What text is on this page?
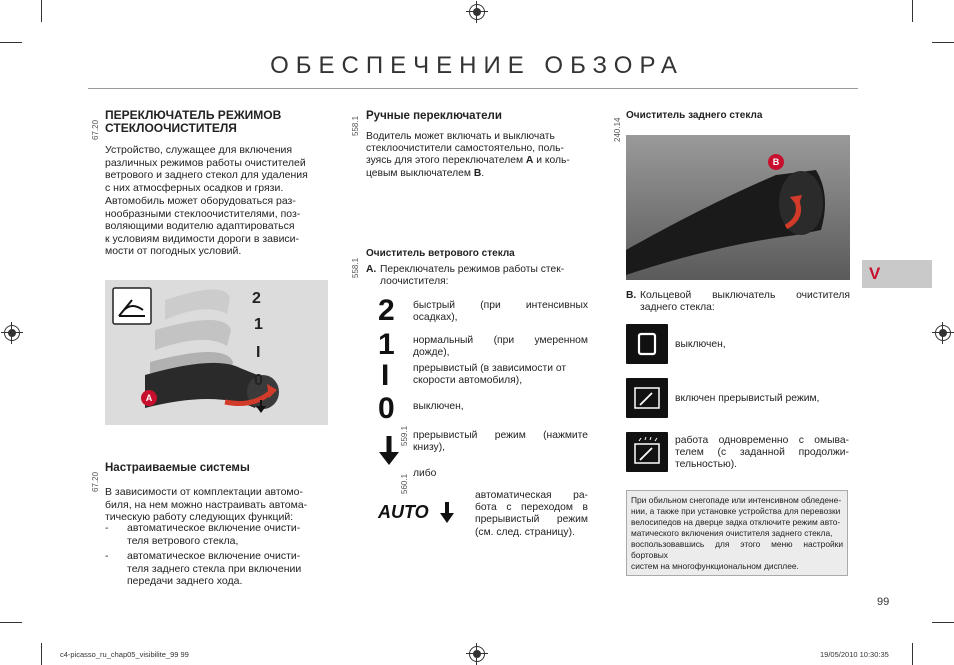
ОБЕСПЕЧЕНИЕ ОБЗОРА
67.20
ПЕРЕКЛЮЧАТЕЛЬ РЕЖИМОВ
СТЕКЛООЧИСТИТЕЛЯ
Устройство, служащее для включения
различных режимов работы очистителей
ветрового и заднего стекол для удаления
с них атмосферных осадков и грязи.
Автомобиль может оборудоваться раз-
нообразными стеклоочистителями, поз-
воляющими водителю адаптироваться
к условиям видимости дороги в зависи-
мости от погодных условий.
A
2
1
I
0
67.20
Настраиваемые системы
В зависимости от комплектации автомо-
биля, на нем можно настраивать автома-
тическую работу следующих функций:
- автоматическое включение очисти-
теля ветрового стекла,
- автоматическое включение очисти-
теля заднего стекла при включении
передачи заднего хода.
558.1 Ручные переключатели
Водитель может включать и выключать
стеклоочистители самостоятельно, поль-
зуясь для этого переключателем A и коль-
цевым выключателем B.
558.1
Очиститель ветрового стекла
A. Переключатель режимов работы стек-
лоочистителя:
2 быстрый (при интенсивных
осадках),
1 нормальный (при умеренном
дожде),
I прерывистый (в зависимости от
скорости автомобиля),
0 выключен,
прерывистый режим (нажмите
книзу),
559.1
560.1
либо
AUTO
автоматическая ра-
бота с переходом в
прерывистый режим
(см. след. страницу).
240.14
Очиститель заднего стекла
B
B. Кольцевой выключатель очистителя
заднего стекла:
выключен,
включен прерывистый режим,
работа одновременно с омыва-
телем (с заданной продолжи-
тельностью).
При обильном снегопаде или интенсивном обледене-
нии, а также при установке устройства для перевозки
велосипедов на дверце задка отключите режим авто-
матического включения очистителя заднего стекла,
воспользовавшись для этого меню настройки бортовых
систем на многофункциональном дисплее.
V
99
c4-picasso_ru_chap05_visibilite_99 99	19/05/2010 10:30:35
